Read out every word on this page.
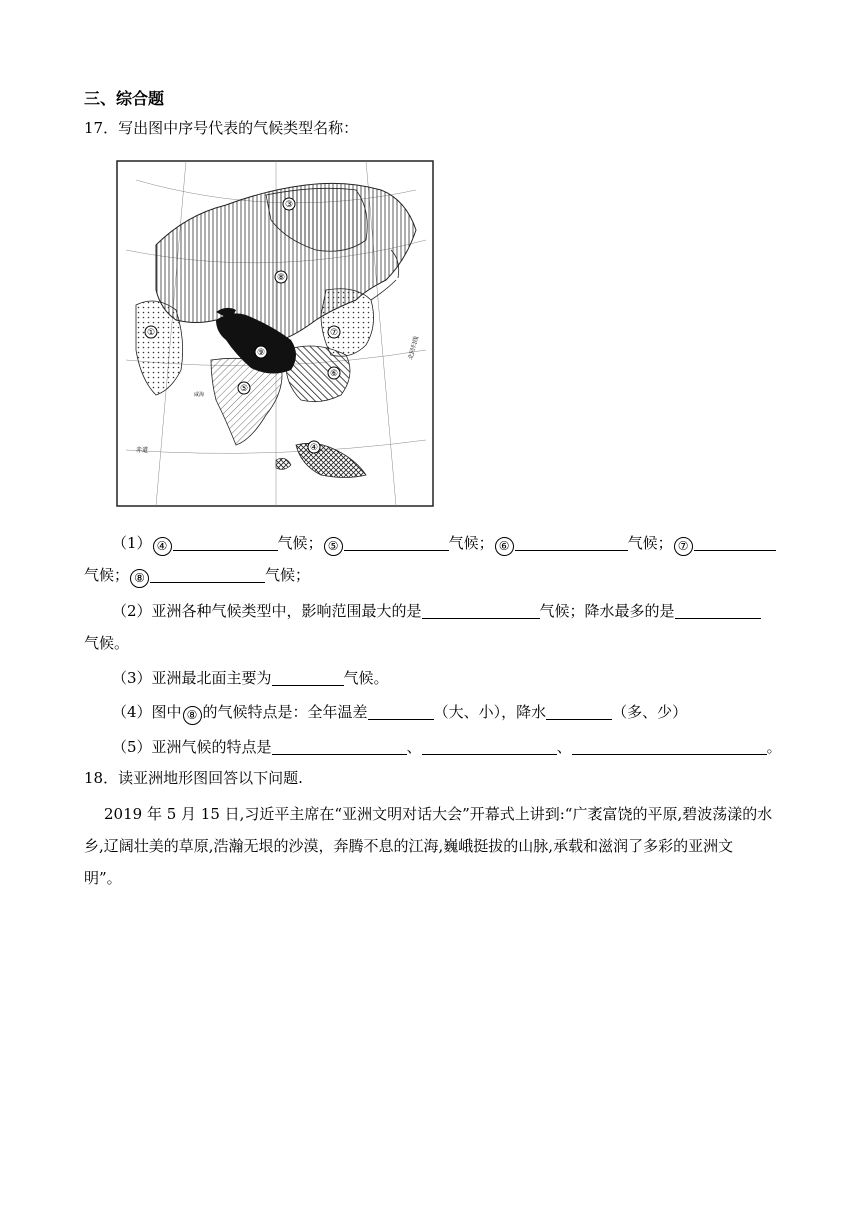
三、综合题
17．写出图中序号代表的气候类型名称：
①
④
⑤
⑥
⑦
⑧
⑨
③
北回归线
赤道
咸海
（1） ④	气候； ⑤	气候； ⑥	气候； ⑦
气候； ⑧	气候；
（2）亚洲各种气候类型中，影响范围最大的是	气候；降水最多的是
气候。
（3）亚洲最北面主要为	气候。
（4）图中 ⑧ 的气候特点是：全年温差	（大、小），降水	（多、少）
（5）亚洲气候的特点是	、	、	。
18．读亚洲地形图回答以下问题.
2019 年 5 月 15 日,习近平主席在“亚洲文明对话大会”开幕式上讲到:“广袤富饶的平原,碧波荡漾的水
乡,辽阔壮美的草原,浩瀚无垠的沙漠，奔腾不息的江海,巍峨挺拔的山脉,承载和滋润了多彩的亚洲文
明”。
